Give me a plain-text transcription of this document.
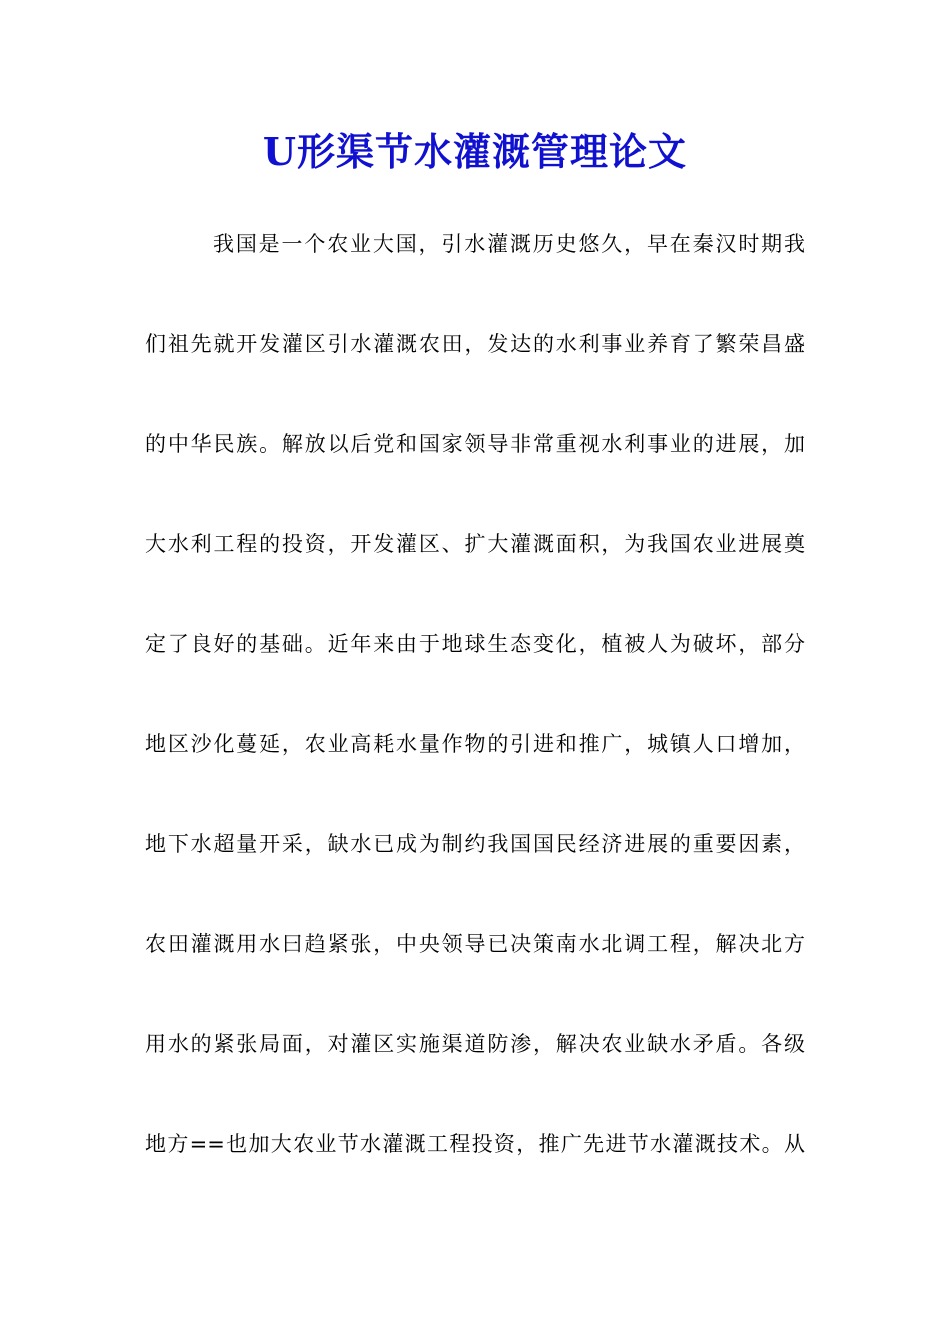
U形渠节水灌溉管理论文
我国是一个农业大国，引水灌溉历史悠久，早在秦汉时期我
们祖先就开发灌区引水灌溉农田，发达的水利事业养育了繁荣昌盛
的中华民族。解放以后党和国家领导非常重视水利事业的进展，加
大水利工程的投资，开发灌区、扩大灌溉面积，为我国农业进展奠
定了良好的基础。近年来由于地球生态变化，植被人为破坏，部分
地区沙化蔓延，农业高耗水量作物的引进和推广，城镇人口增加，
地下水超量开采，缺水已成为制约我国国民经济进展的重要因素，
农田灌溉用水曰趋紧张，中央领导已决策南水北调工程，解决北方
用水的紧张局面，对灌区实施渠道防渗，解决农业缺水矛盾。各级
地方==也加大农业节水灌溉工程投资，推广先进节水灌溉技术。从
